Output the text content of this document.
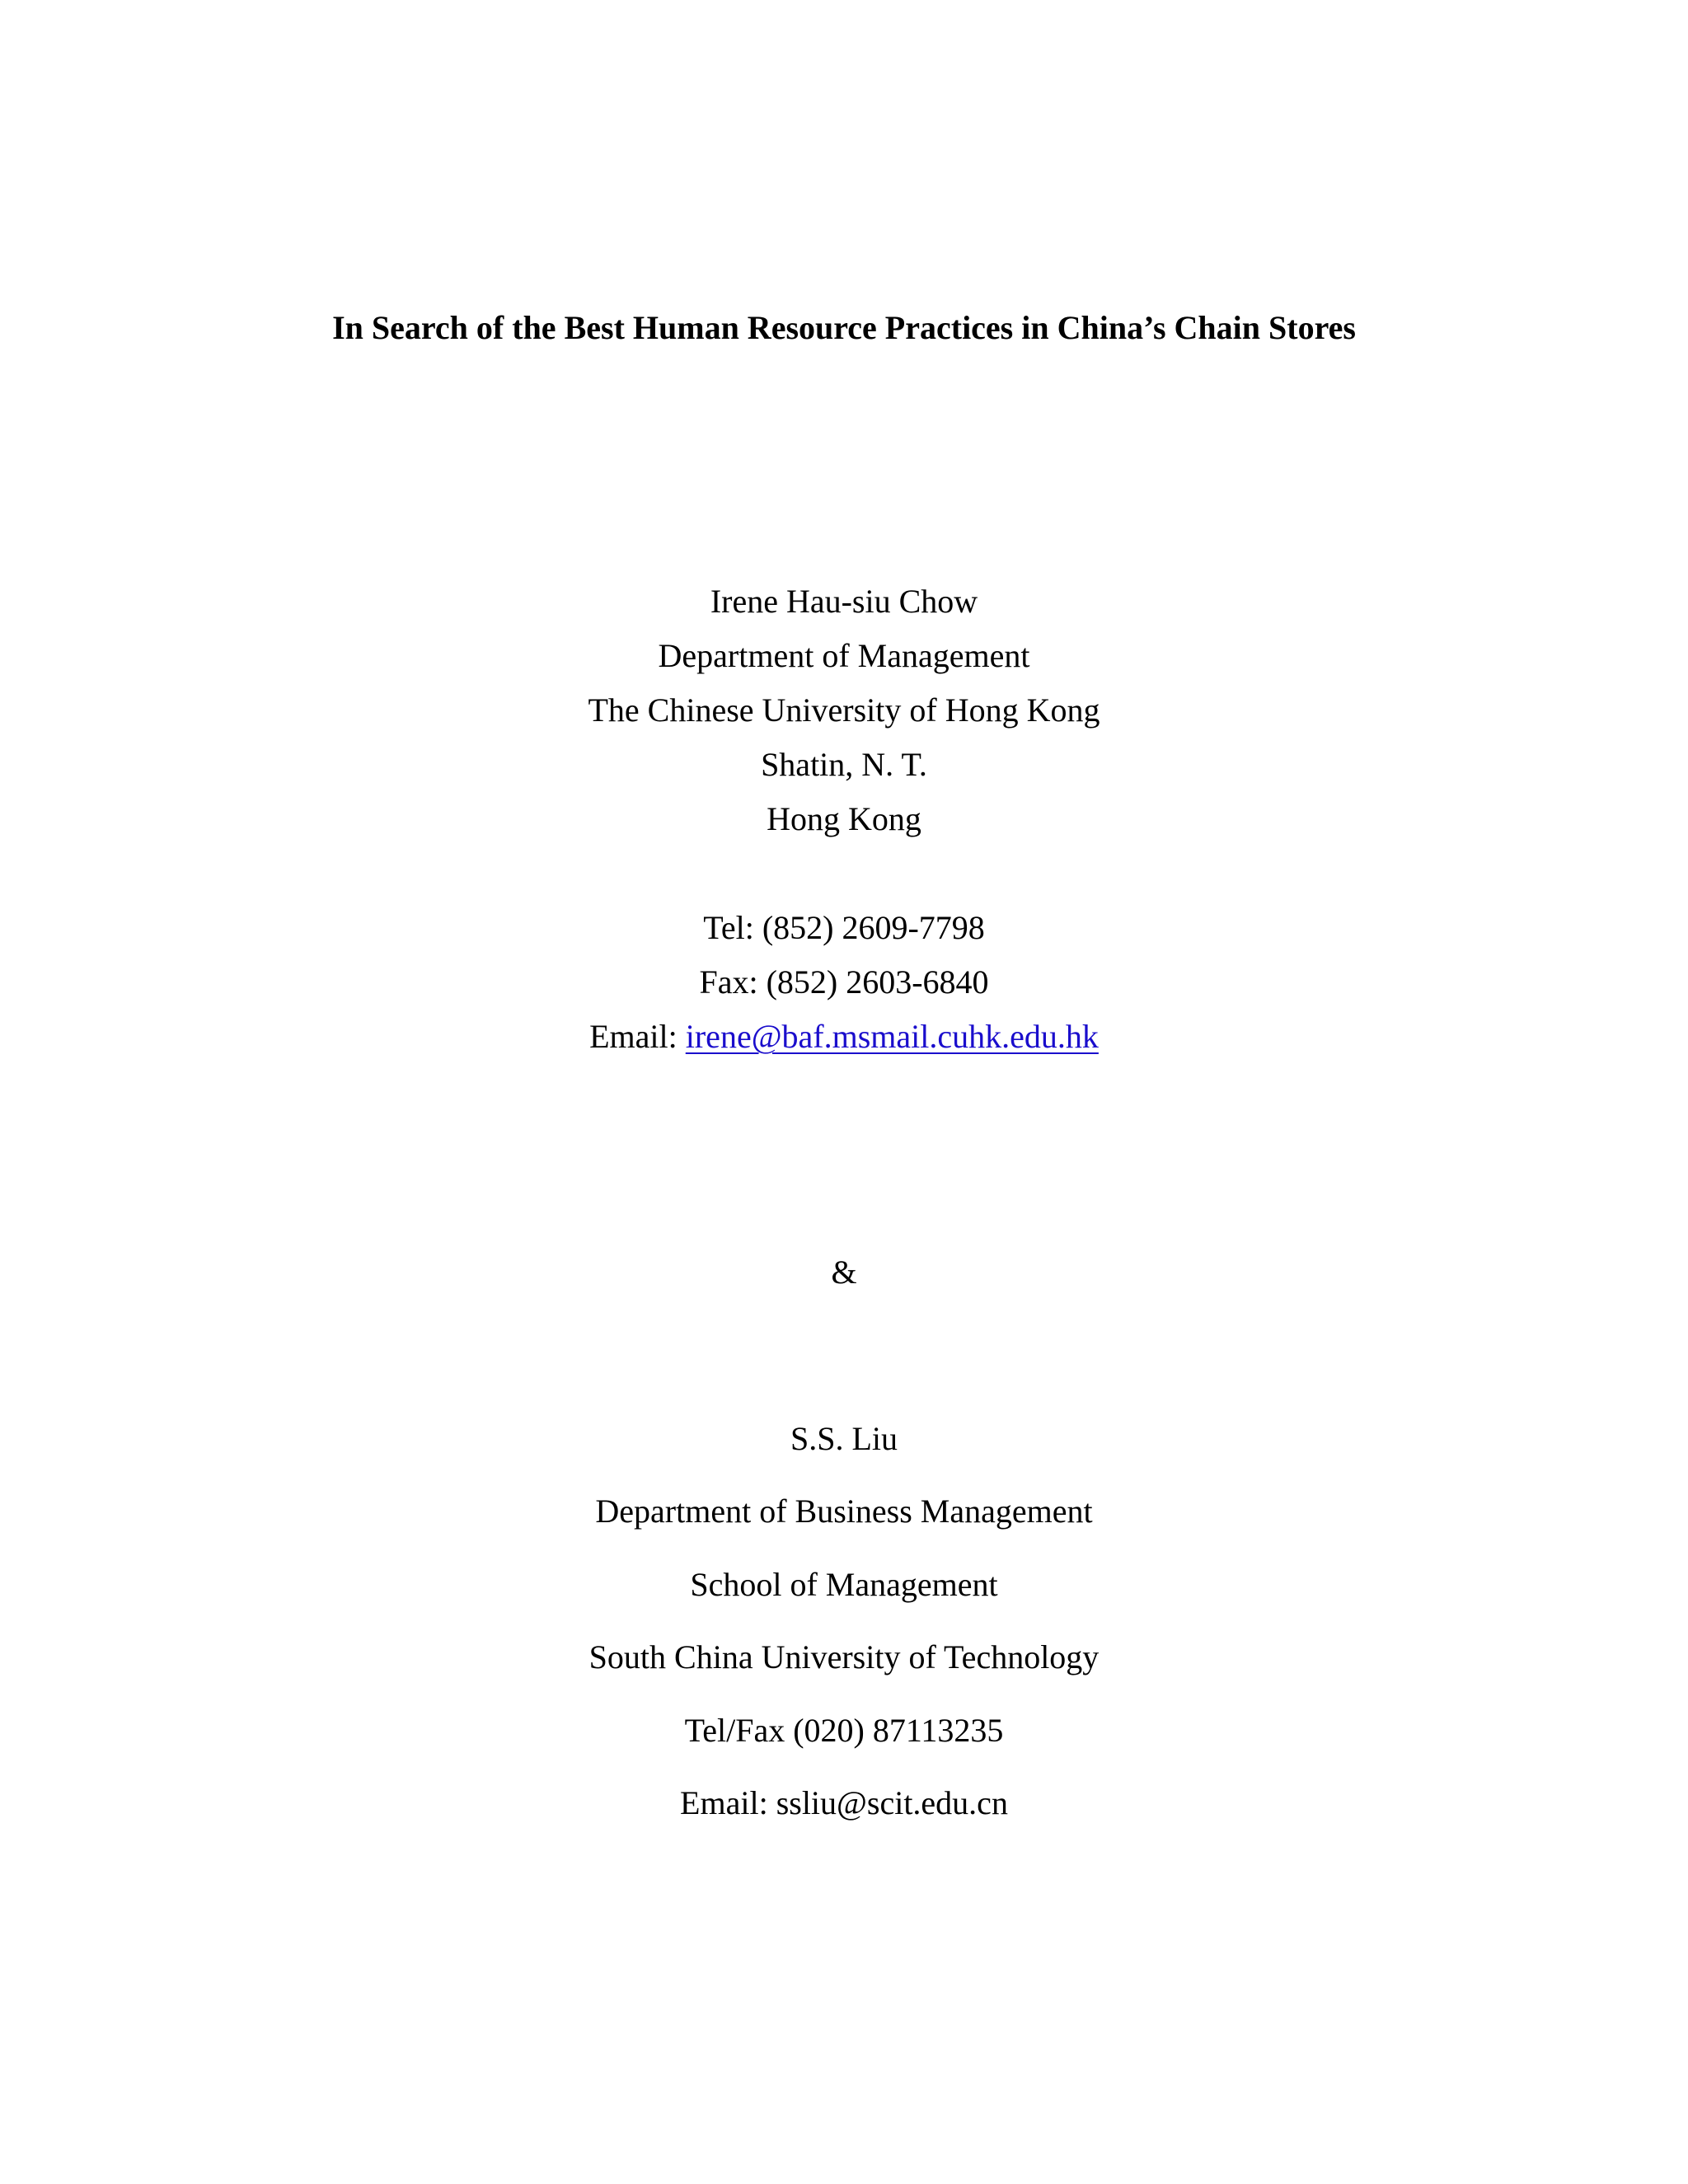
In Search of the Best Human Resource Practices in China’s Chain Stores
Irene Hau-siu Chow
Department of Management
The Chinese University of Hong Kong
Shatin, N. T.
Hong Kong
Tel: (852) 2609-7798
Fax: (852) 2603-6840
Email: irene@baf.msmail.cuhk.edu.hk
&
S.S. Liu
Department of Business Management
School of Management
South China University of Technology
Tel/Fax (020) 87113235
Email: ssliu@scit.edu.cn
